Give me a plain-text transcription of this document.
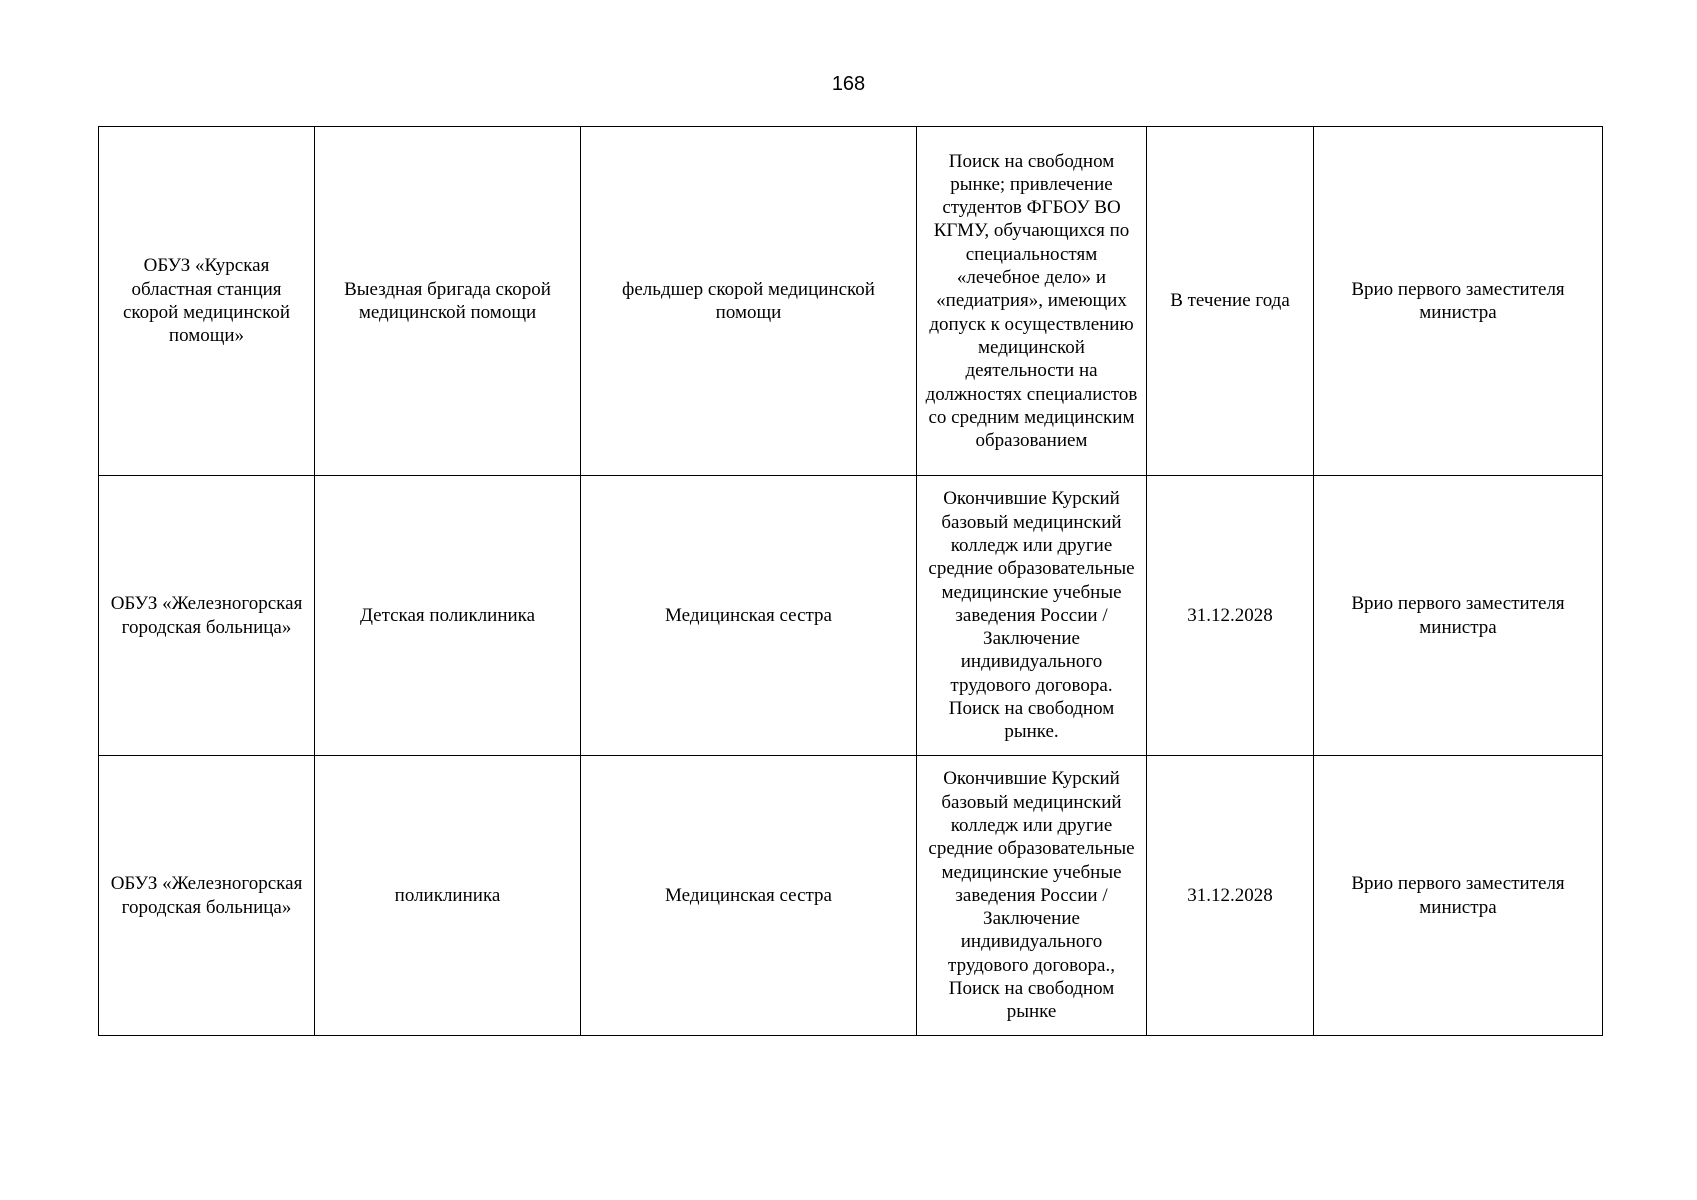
168
ОБУЗ «Курская областная станция скорой медицинской помощи»	Выездная бригада скорой медицинской помощи	фельдшер скорой медицинской помощи	Поиск на свободном рынке; привлечение студентов ФГБОУ ВО КГМУ, обучающихся по специальностям «лечебное дело» и «педиатрия», имеющих допуск к осуществлению медицинской деятельности на должностях специалистов со средним медицинским образованием	В течение года	Врио первого заместителя министра
ОБУЗ «Железногорская городская больница»	Детская поликлиника	Медицинская сестра	Окончившие Курский базовый медицинский колледж или другие средние образовательные медицинские учебные заведения России / Заключение индивидуального трудового договора. Поиск на свободном рынке.	31.12.2028	Врио первого заместителя министра
ОБУЗ «Железногорская городская больница»	поликлиника	Медицинская сестра	Окончившие Курский базовый медицинский колледж или другие средние образовательные медицинские учебные заведения России / Заключение индивидуального трудового договора., Поиск на свободном рынке	31.12.2028	Врио первого заместителя министра
